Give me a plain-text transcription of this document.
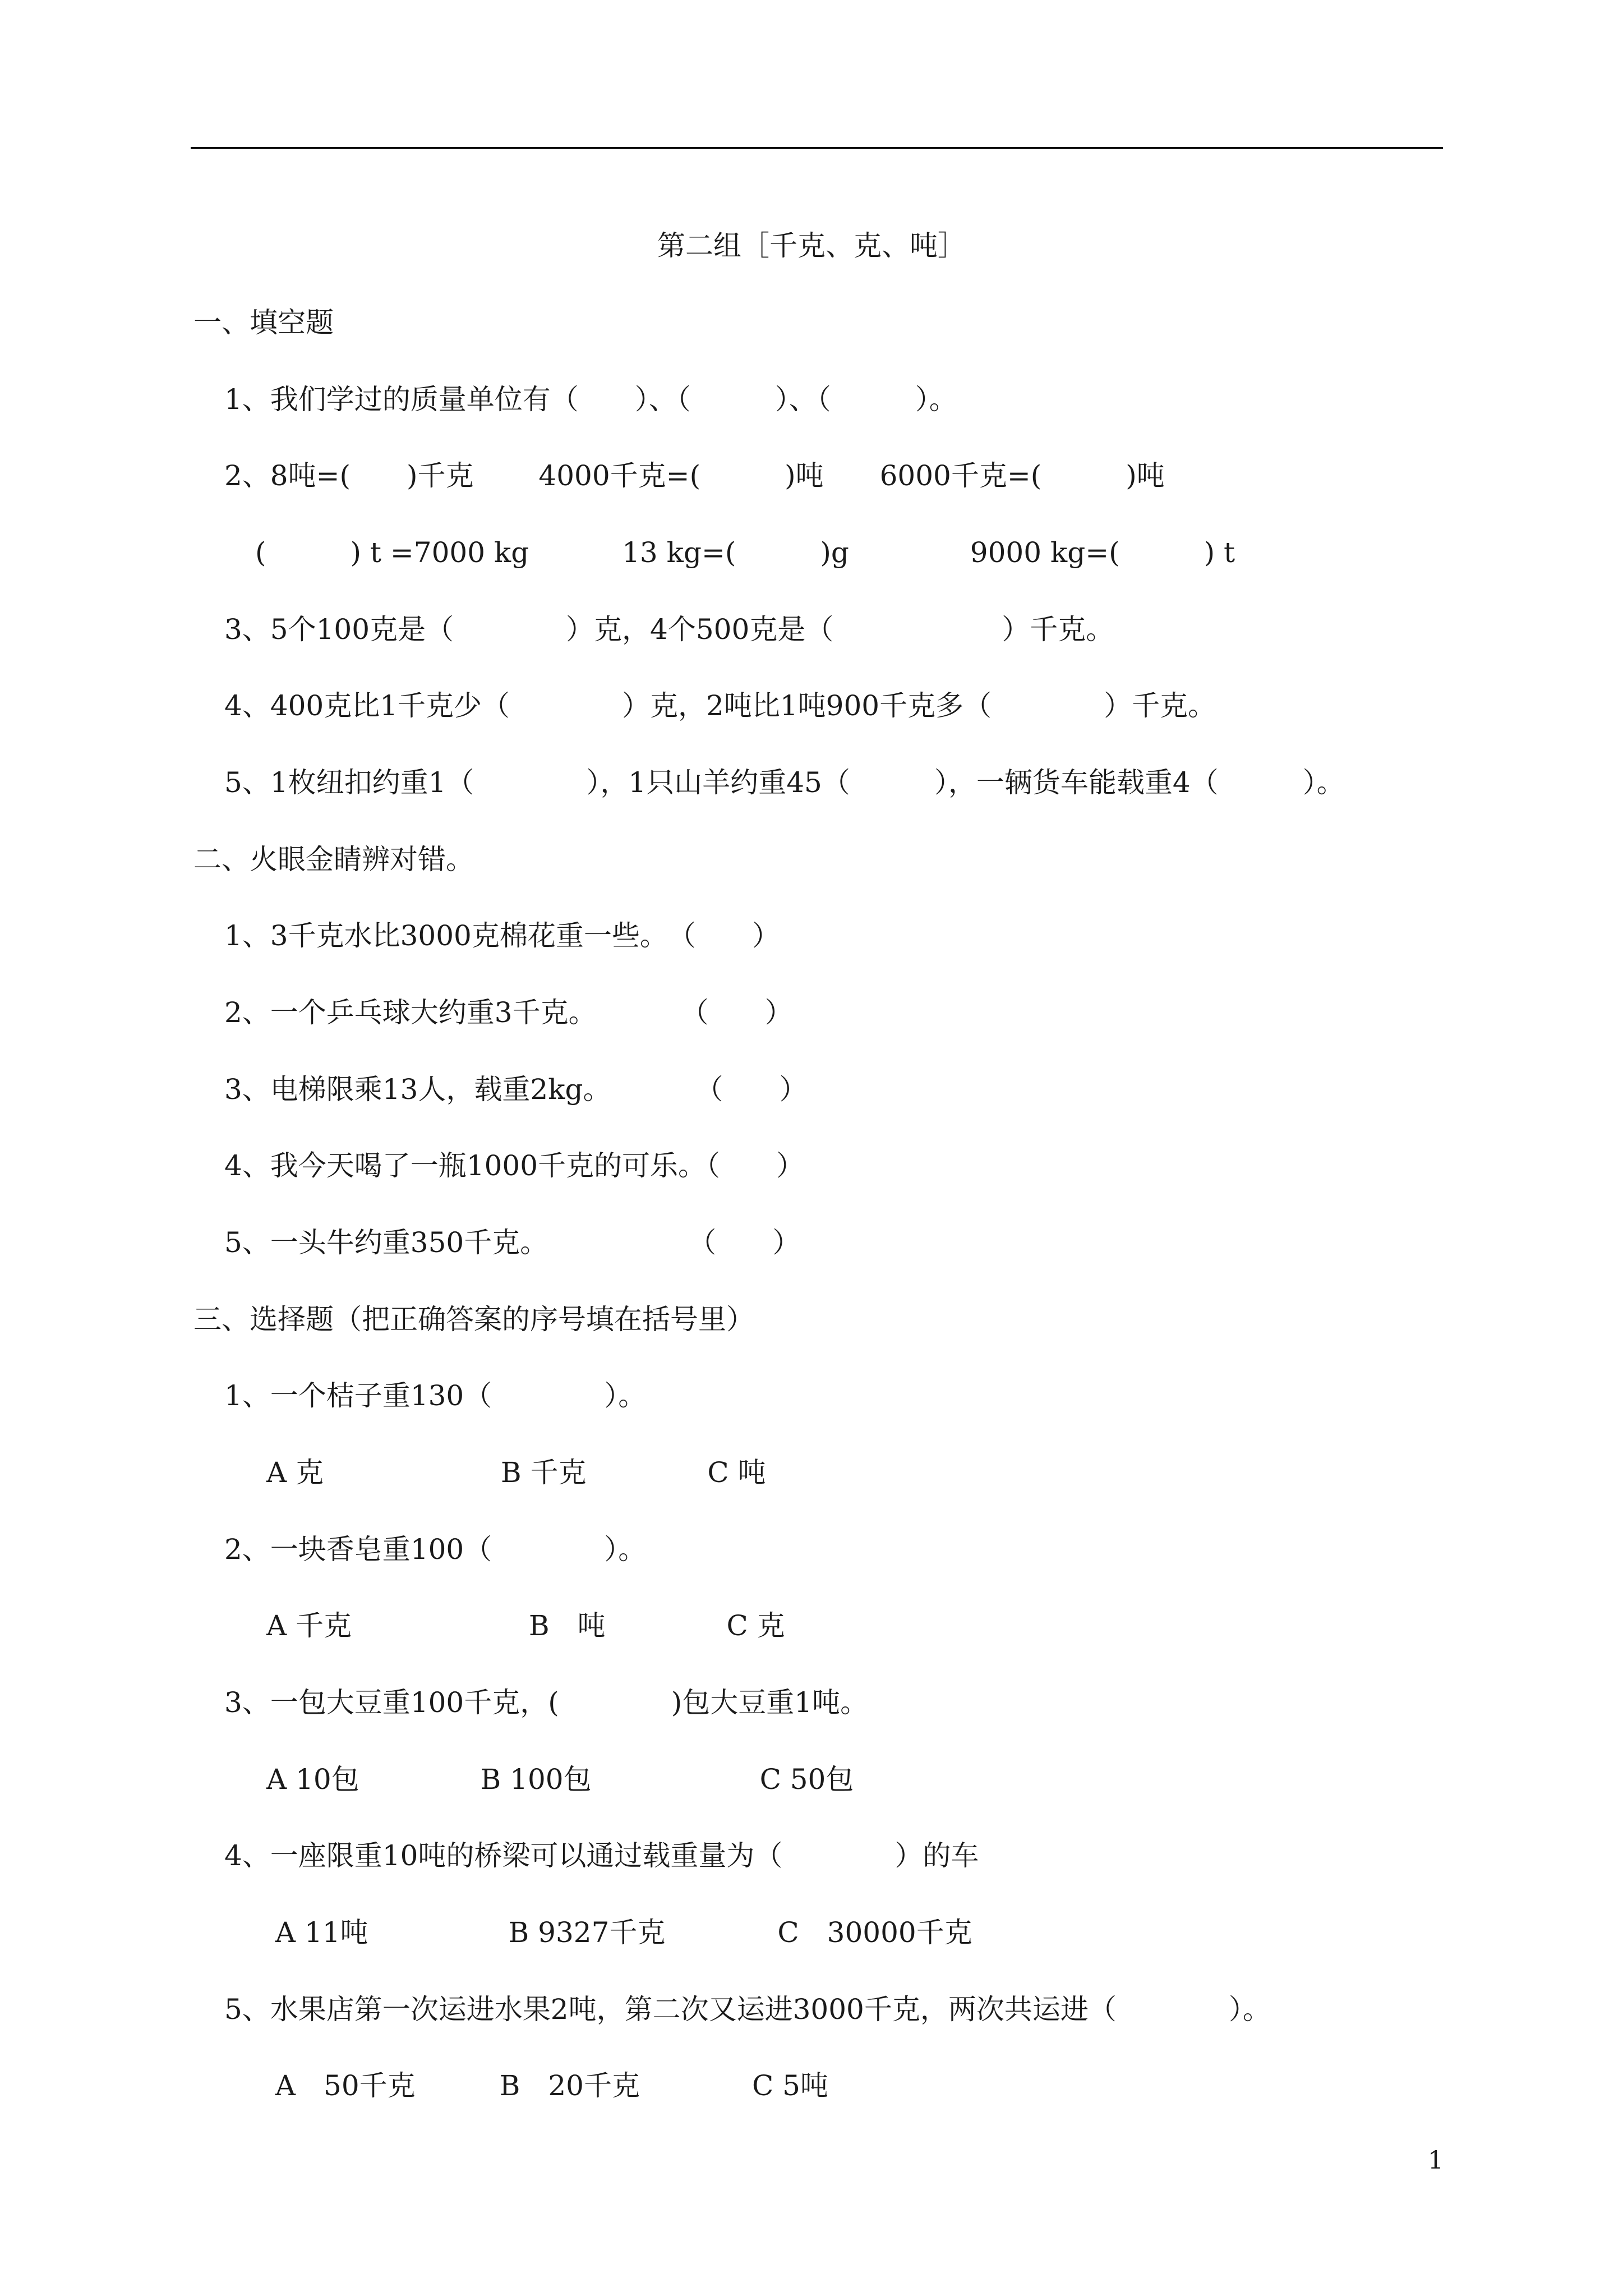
第二组［千克、克、吨］
一、填空题
1、我们学过的质量单位有（　　）、（　　　）、（　　　）。
2、8吨=(　　)千克　　 4000千克=(　　　)吨　　6000千克=(　　　)吨
(　　　) t =7000 kg　　　 13 kg=(　　　)g　　　　 9000 kg=(　　　) t
3、5个100克是（　　　　）克，4个500克是（　　　　　　）千克。
4、400克比1千克少（　　　　）克，2吨比1吨900千克多（　　　　）千克。
5、1枚纽扣约重1（　　　　），1只山羊约重45（　　　），一辆货车能载重4（　　　）。
二、火眼金睛辨对错。
1、3千克水比3000克棉花重一些。　（　　）
2、一个乒乓球大约重3千克。　　　　（　　）
3、电梯限乘13人，载重2kg。　　　　（　　）
4、我今天喝了一瓶1000千克的可乐。（　　）
5、一头牛约重350千克。　　　　　　（　　）
三、选择题（把正确答案的序号填在括号里）
1、一个桔子重130（　　　　）。
A 克　　　　　　 B 千克　　　　 C 吨
2、一块香皂重100（　　　　）。
A 千克　　　　　　 B　吨　　　　 C 克
3、一包大豆重100千克，(　　　　)包大豆重1吨。
A 10包　　　　 B 100包　　　　　　C 50包
4、一座限重10吨的桥梁可以通过载重量为（　　　　）的车
A 11吨　　　　　B 9327千克　　　　C　30000千克
5、水果店第一次运进水果2吨，第二次又运进3000千克，两次共运进（　　　　）。
A　50千克　　　B　20千克　　　　C 5吨
1
